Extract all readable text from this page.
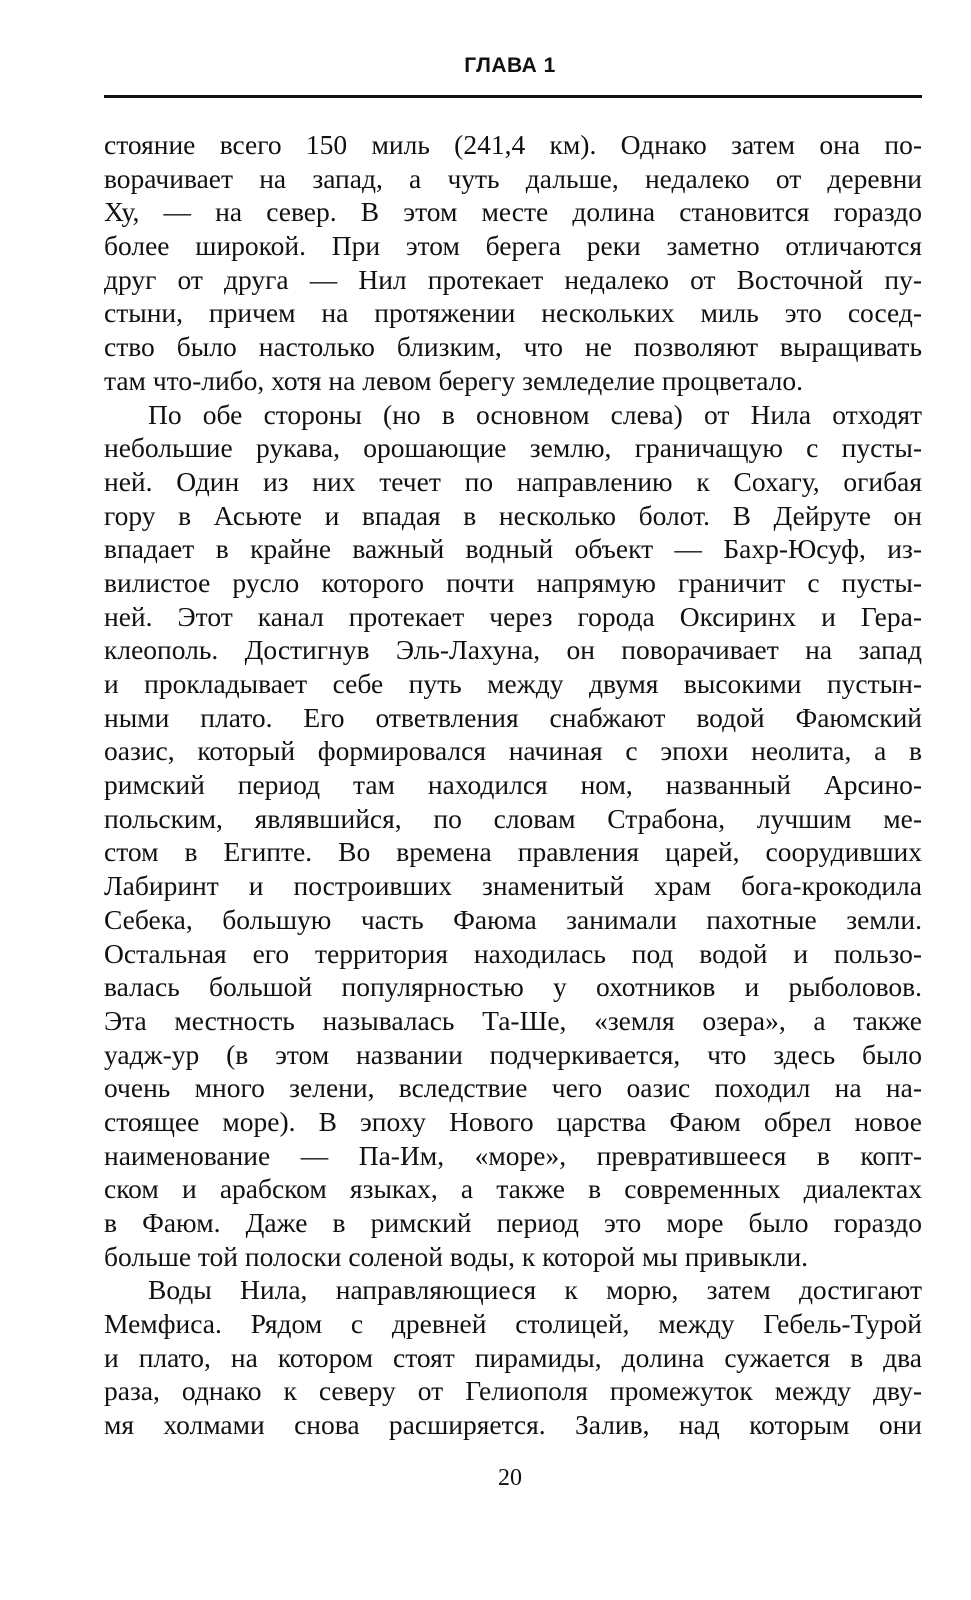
ГЛАВА 1
стояние всего 150 миль (241,4 км). Однако затем она по-
ворачивает на запад, а чуть дальше, недалеко от деревни
Ху, — на север. В этом месте долина становится гораздо
более широкой. При этом берега реки заметно отличаются
друг от друга — Нил протекает недалеко от Восточной пу-
стыни, причем на протяжении нескольких миль это сосед-
ство было настолько близким, что не позволяют выращивать
там что-либо, хотя на левом берегу земледелие процветало.
По обе стороны (но в основном слева) от Нила отходят
небольшие рукава, орошающие землю, граничащую с пусты-
ней. Один из них течет по направлению к Сохагу, огибая
гору в Асьюте и впадая в несколько болот. В Дейруте он
впадает в крайне важный водный объект — Бахр-Юсуф, из-
вилистое русло которого почти напрямую граничит с пусты-
ней. Этот канал протекает через города Оксиринх и Гера-
клеополь. Достигнув Эль-Лахуна, он поворачивает на запад
и прокладывает себе путь между двумя высокими пустын-
ными плато. Его ответвления снабжают водой Фаюмский
оазис, который формировался начиная с эпохи неолита, а в
римский период там находился ном, названный Арсино-
польским, являвшийся, по словам Страбона, лучшим ме-
стом в Египте. Во времена правления царей, соорудивших
Лабиринт и построивших знаменитый храм бога-крокодила
Себека, большую часть Фаюма занимали пахотные земли.
Остальная его территория находилась под водой и пользо-
валась большой популярностью у охотников и рыболовов.
Эта местность называлась Та-Ше, «земля озера», а также
уадж-ур (в этом названии подчеркивается, что здесь было
очень много зелени, вследствие чего оазис походил на на-
стоящее море). В эпоху Нового царства Фаюм обрел новое
наименование — Па-Им, «море», превратившееся в копт-
ском и арабском языках, а также в современных диалектах
в Фаюм. Даже в римский период это море было гораздо
больше той полоски соленой воды, к которой мы привыкли.
Воды Нила, направляющиеся к морю, затем достигают
Мемфиса. Рядом с древней столицей, между Гебель-Турой
и плато, на котором стоят пирамиды, долина сужается в два
раза, однако к северу от Гелиополя промежуток между дву-
мя холмами снова расширяется. Залив, над которым они
20
